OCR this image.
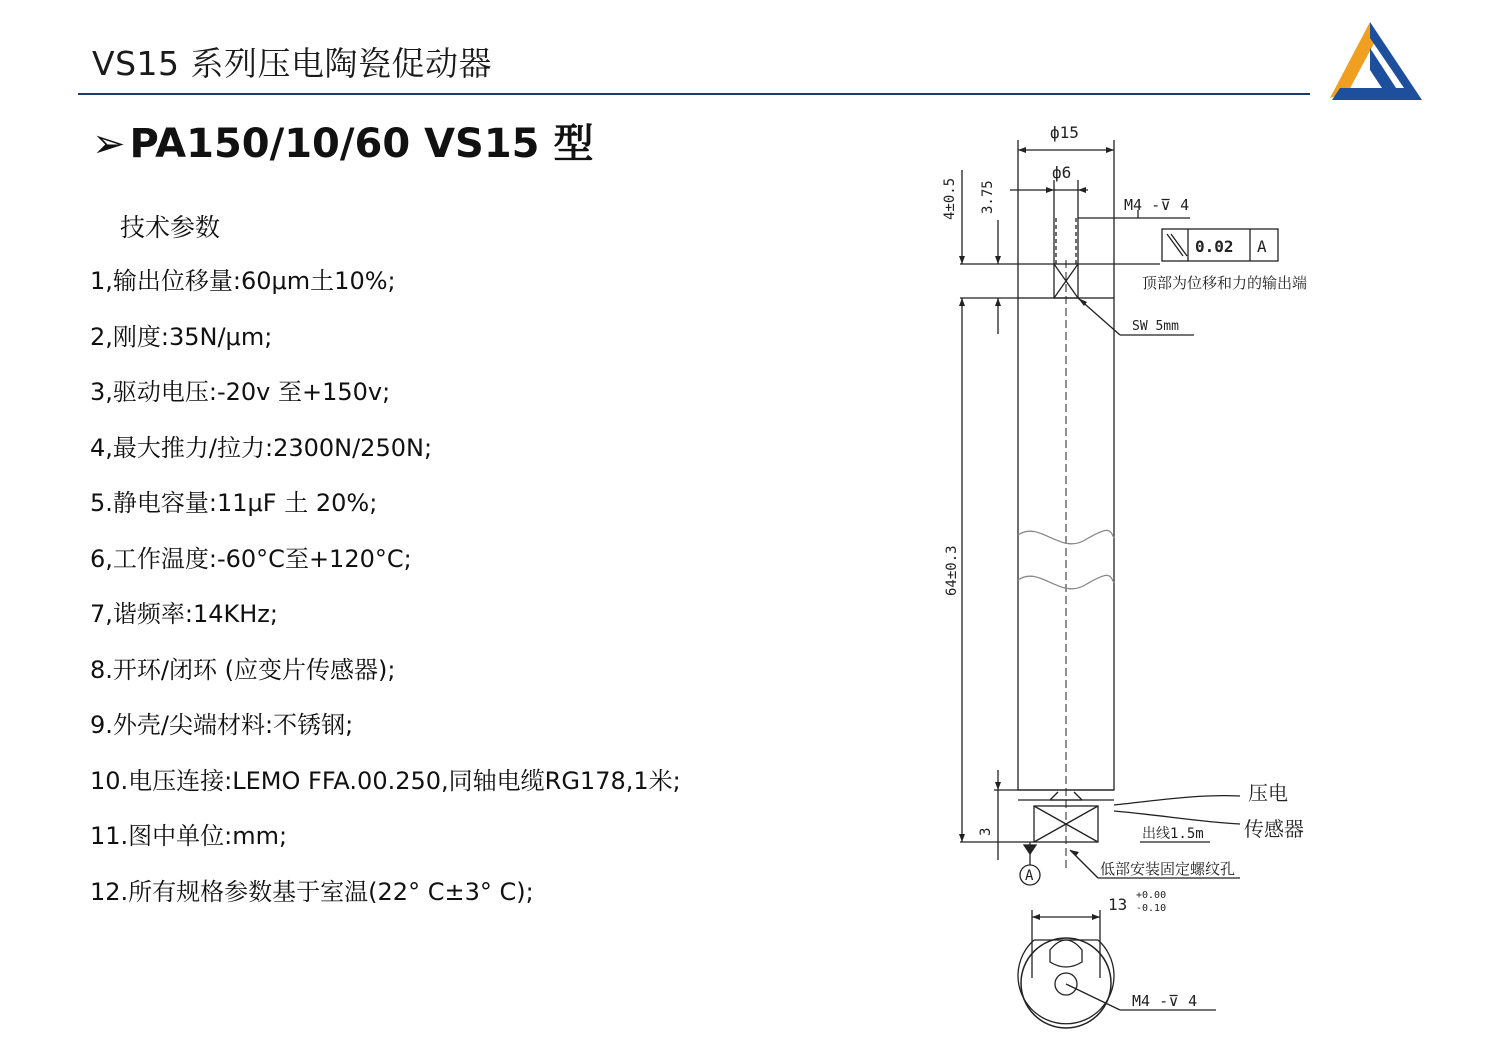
VS15 系列压电陶瓷促动器
➢ PA150/10/60 VS15 型
技术参数
1,输出位移量:60μm土10%;
2,刚度:35N/μm;
3,驱动电压:-20v 至+150v;
4,最大推力/拉力:2300N/250N;
5.静电容量:11μF 土 20%;
6,工作温度:-60°C至+120°C;
7,谐频率:14KHz;
8.开环/闭环 (应变片传感器);
9.外壳/尖端材料:不锈钢;
10.电压连接:LEMO FFA.00.250,同轴电缆RG178,1米;
11.图中单位:mm;
12.所有规格参数基于室温(22° C±3° C);
ф15
ф6
4±0.5 3.75	M4 -⊽ 4
0.02 A
顶部为位移和力的输出端
SW 5mm
64±0.3
3
压电
传感器
出线1.5m
A	低部安装固定螺纹孔
13 +0.00
-0.10
M4 -⊽ 4
